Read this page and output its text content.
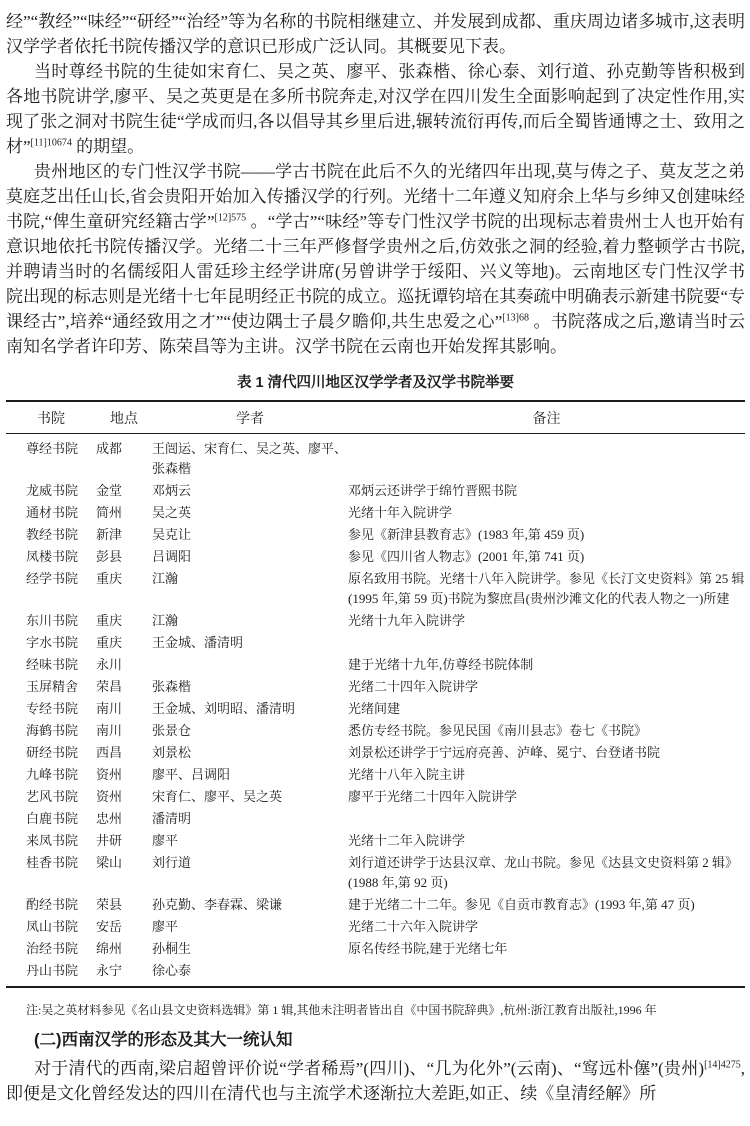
经”“教经”“味经”“研经”“治经”等为名称的书院相继建立、并发展到成都、重庆周边诸多城市,这表明汉学学者依托书院传播汉学的意识已形成广泛认同。其概要见下表。

当时尊经书院的生徒如宋育仁、吴之英、廖平、张森楷、徐心泰、刘行道、孙克勤等皆积极到各地书院讲学,廖平、吴之英更是在多所书院奔走,对汉学在四川发生全面影响起到了决定性作用,实现了张之洞对书院生徒“学成而归,各以倡导其乡里后进,辗转流衍再传,而后全蜀皆通博之士、致用之材”$^{[11]10674}$ 的期望。

贵州地区的专门性汉学书院——学古书院在此后不久的光绪四年出现,莫与俦之子、莫友芝之弟莫庭芝出任山长,省会贵阳开始加入传播汉学的行列。光绪十二年遵义知府余上华与乡绅又创建味经书院,“俾生童研究经籍古学”$^{[12]575}$ 。“学古”“味经”等专门性汉学书院的出现标志着贵州士人也开始有意识地依托书院传播汉学。光绪二十三年严修督学贵州之后,仿效张之洞的经验,着力整顿学古书院,并聘请当时的名儒绥阳人雷廷珍主经学讲席(另曾讲学于绥阳、兴义等地)。云南地区专门性汉学书院出现的标志则是光绪十七年昆明经正书院的成立。巡抚谭钧培在其奏疏中明确表示新建书院要“专课经古”,培养“通经致用之才”“使边隅士子晨夕瞻仰,共生忠爱之心”$^{[13]68}$ 。书院落成之后,邀请当时云南知名学者许印芳、陈荣昌等为主讲。汉学书院在云南也开始发挥其影响。

表 1 清代四川地区汉学学者及汉学书院举要
书院	地点	学者	备注
尊经书院	成都	王闿运、宋育仁、吴之英、廖平、张森楷	
龙威书院	金堂	邓炳云	邓炳云还讲学于绵竹晋熙书院
通材书院	简州	吴之英	光绪十年入院讲学
教经书院	新津	吴克让	参见《新津县教育志》(1983 年,第 459 页)
凤楼书院	彭县	吕调阳	参见《四川省人物志》(2001 年,第 741 页)
经学书院	重庆	江瀚	原名致用书院。光绪十八年入院讲学。参见《长汀文史资料》第 25 辑(1995 年,第 59 页)书院为黎庶昌(贵州沙滩文化的代表人物之一)所建
东川书院	重庆	江瀚	光绪十九年入院讲学
字水书院	重庆	王金城、潘清明	
经味书院	永川		建于光绪十九年,仿尊经书院体制
玉屏精舍	荣昌	张森楷	光绪二十四年入院讲学
专经书院	南川	王金城、刘明昭、潘清明	光绪间建
海鹤书院	南川	张景仓	悉仿专经书院。参见民国《南川县志》卷七《书院》
研经书院	西昌	刘景松	刘景松还讲学于宁远府亮善、泸峰、冕宁、台登诸书院
九峰书院	资州	廖平、吕调阳	光绪十八年入院主讲
艺风书院	资州	宋育仁、廖平、吴之英	廖平于光绪二十四年入院讲学
白鹿书院	忠州	潘清明	
来凤书院	井研	廖平	光绪十二年入院讲学
桂香书院	梁山	刘行道	刘行道还讲学于达县汉章、龙山书院。参见《达县文史资料第 2 辑》(1988 年,第 92 页)
酌经书院	荣县	孙克勤、李春霖、梁谦	建于光绪二十二年。参见《自贡市教育志》(1993 年,第 47 页)
凤山书院	安岳	廖平	光绪二十六年入院讲学
治经书院	绵州	孙桐生	原名传经书院,建于光绪七年
丹山书院	永宁	徐心泰	
注:吴之英材料参见《名山县文史资料选辑》第 1 辑,其他未注明者皆出自《中国书院辞典》,杭州:浙江教育出版社,1996 年
(二)西南汉学的形态及其大一统认知

对于清代的西南,梁启超曾评价说“学者稀焉”(四川)、“几为化外”(云南)、“窎远朴僿”(贵州)$^{[14]4275}$,即便是文化曾经发达的四川在清代也与主流学术逐渐拉大差距,如正、续《皇清经解》所
